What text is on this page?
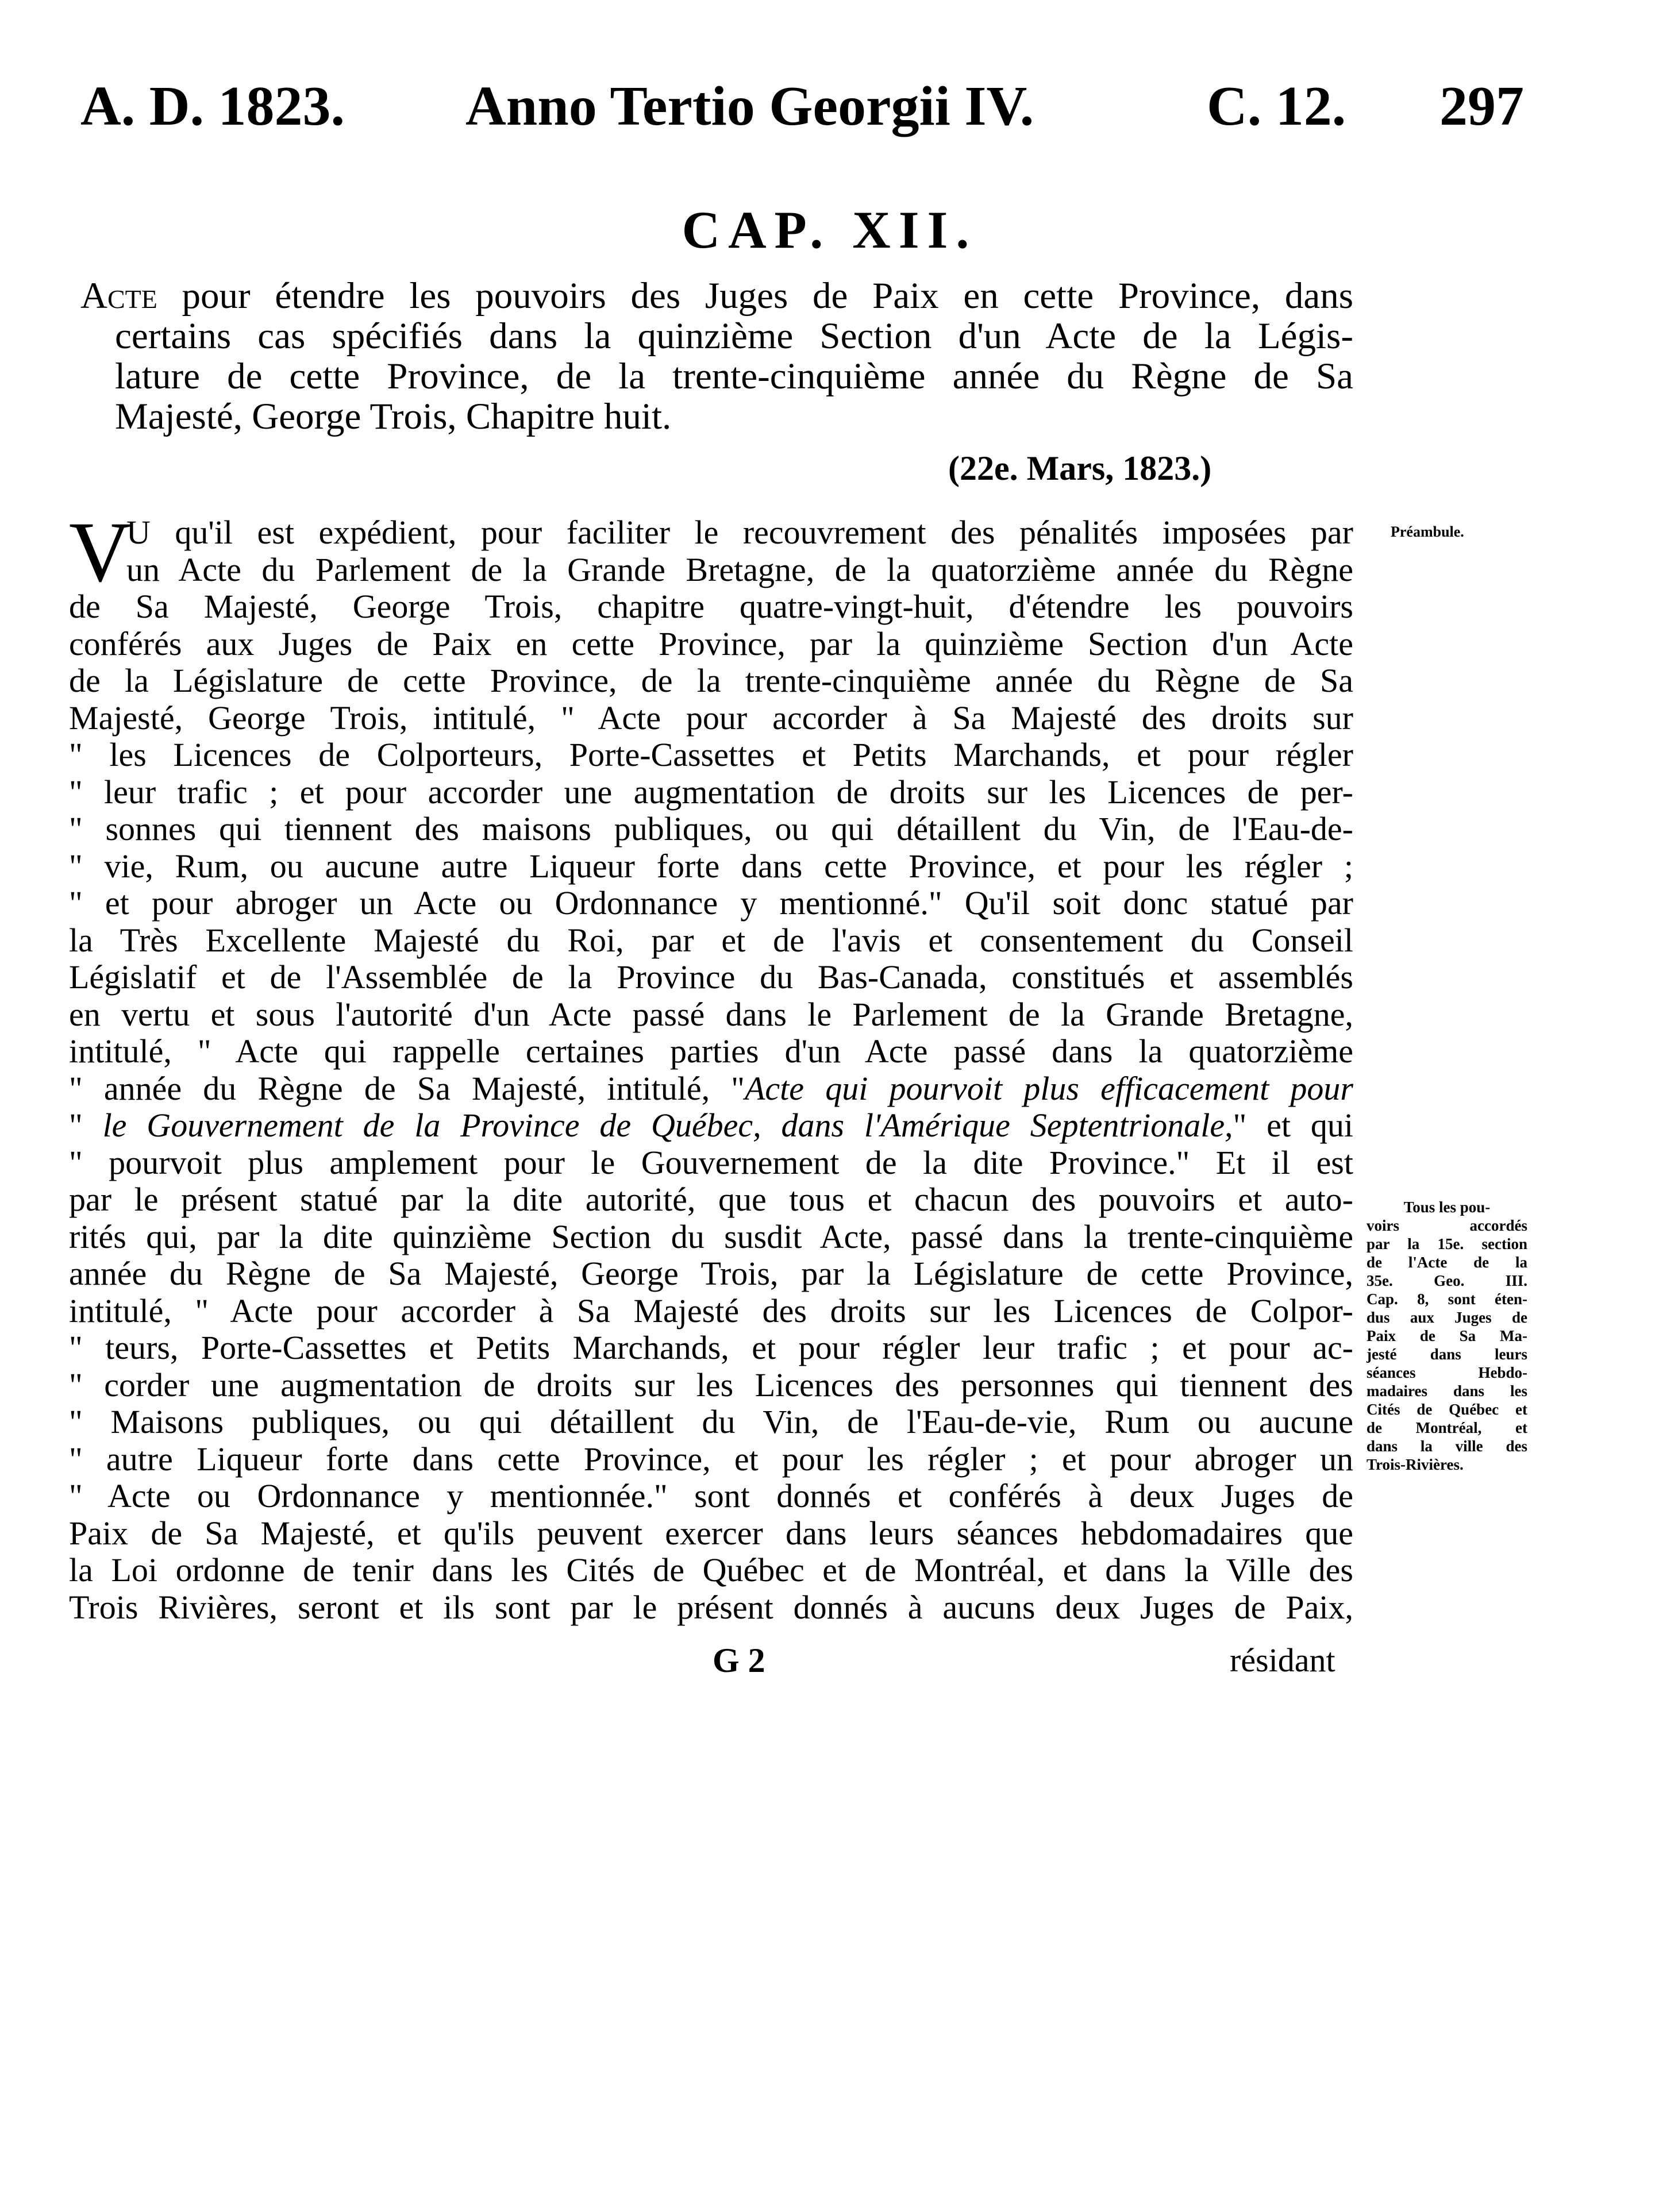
A. D. 1823. Anno Tertio Georgii IV.	C. 12. 297
CAP. XII.
Acte pour étendre les pouvoirs des Juges de Paix en cette Province, dans
certains cas spécifiés dans la quinzième Section d'un Acte de la Légis-
lature de cette Province, de la trente-cinquième année du Règne de Sa
Majesté, George Trois, Chapitre huit.
(22e. Mars, 1823.)
V
U qu'il est expédient, pour faciliter le recouvrement des pénalités imposées par
un Acte du Parlement de la Grande Bretagne, de la quatorzième année du Règne
de Sa Majesté, George Trois, chapitre quatre-vingt-huit, d'étendre les pouvoirs
conférés aux Juges de Paix en cette Province, par la quinzième Section d'un Acte
de la Législature de cette Province, de la trente-cinquième année du Règne de Sa
Majesté, George Trois, intitulé, " Acte pour accorder à Sa Majesté des droits sur
" les Licences de Colporteurs, Porte-Cassettes et Petits Marchands, et pour régler
" leur trafic ; et pour accorder une augmentation de droits sur les Licences de per-
" sonnes qui tiennent des maisons publiques, ou qui détaillent du Vin, de l'Eau-de-
" vie, Rum, ou aucune autre Liqueur forte dans cette Province, et pour les régler ;
" et pour abroger un Acte ou Ordonnance y mentionné." Qu'il soit donc statué par
la Très Excellente Majesté du Roi, par et de l'avis et consentement du Conseil
Législatif et de l'Assemblée de la Province du Bas-Canada, constitués et assemblés
en vertu et sous l'autorité d'un Acte passé dans le Parlement de la Grande Bretagne,
intitulé, " Acte qui rappelle certaines parties d'un Acte passé dans la quatorzième
" année du Règne de Sa Majesté, intitulé, "Acte qui pourvoit plus efficacement pour
" le Gouvernement de la Province de Québec, dans l'Amérique Septentrionale," et qui
" pourvoit plus amplement pour le Gouvernement de la dite Province." Et il est
par le présent statué par la dite autorité, que tous et chacun des pouvoirs et auto-
rités qui, par la dite quinzième Section du susdit Acte, passé dans la trente-cinquième
année du Règne de Sa Majesté, George Trois, par la Législature de cette Province,
intitulé, " Acte pour accorder à Sa Majesté des droits sur les Licences de Colpor-
" teurs, Porte-Cassettes et Petits Marchands, et pour régler leur trafic ; et pour ac-
" corder une augmentation de droits sur les Licences des personnes qui tiennent des
" Maisons publiques, ou qui détaillent du Vin, de l'Eau-de-vie, Rum ou aucune
" autre Liqueur forte dans cette Province, et pour les régler ; et pour abroger un
" Acte ou Ordonnance y mentionnée." sont donnés et conférés à deux Juges de
Paix de Sa Majesté, et qu'ils peuvent exercer dans leurs séances hebdomadaires que
la Loi ordonne de tenir dans les Cités de Québec et de Montréal, et dans la Ville des
Trois Rivières, seront et ils sont par le présent donnés à aucuns deux Juges de Paix,
G 2	résidant
Préambule.
Tous les pou-
voirs accordés
par la 15e. section
de l'Acte de la
35e. Geo. III.
Cap. 8, sont éten-
dus aux Juges de
Paix de Sa Ma-
jesté dans leurs
séances Hebdo-
madaires dans les
Cités de Québec et
de Montréal, et
dans la ville des
Trois-Rivières.
